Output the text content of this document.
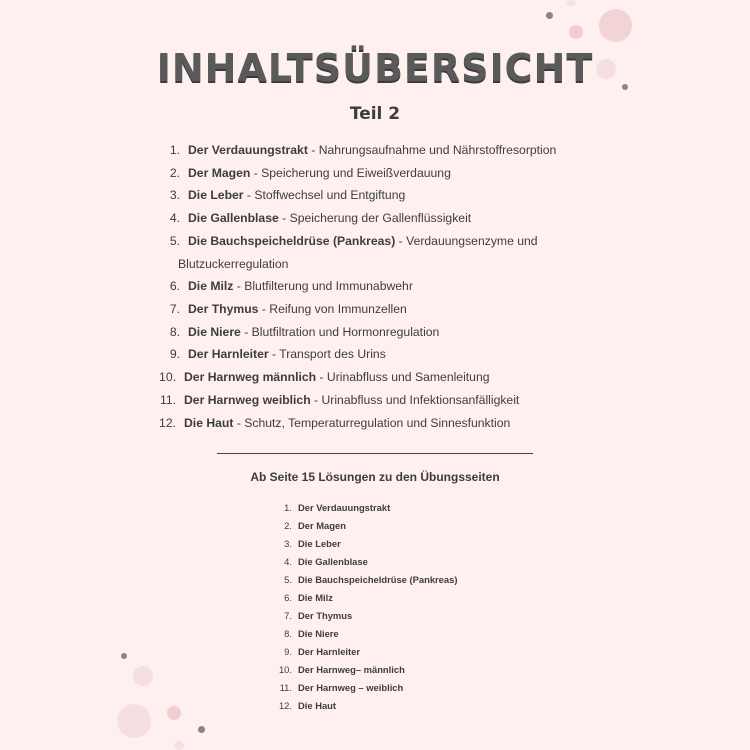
INHALTSÜBERSICHT
Teil 2
1. Der Verdauungstrakt - Nahrungsaufnahme und Nährstoffresorption
2. Der Magen - Speicherung und Eiweißverdauung
3. Die Leber - Stoffwechsel und Entgiftung
4. Die Gallenblase - Speicherung der Gallenflüssigkeit
5. Die Bauchspeicheldrüse (Pankreas) - Verdauungsenzyme und
Blutzuckerregulation
6. Die Milz - Blutfilterung und Immunabwehr
7. Der Thymus - Reifung von Immunzellen
8. Die Niere - Blutfiltration und Hormonregulation
9. Der Harnleiter - Transport des Urins
10. Der Harnweg männlich - Urinabfluss und Samenleitung
11. Der Harnweg weiblich - Urinabfluss und Infektionsanfälligkeit
12. Die Haut - Schutz, Temperaturregulation und Sinnesfunktion
Ab Seite 15 Lösungen zu den Übungsseiten
1. Der Verdauungstrakt
2. Der Magen
3. Die Leber
4. Die Gallenblase
5. Die Bauchspeicheldrüse (Pankreas)
6. Die Milz
7. Der Thymus
8. Die Niere
9. Der Harnleiter
10. Der Harnweg– männlich
11. Der Harnweg – weiblich
12. Die Haut
